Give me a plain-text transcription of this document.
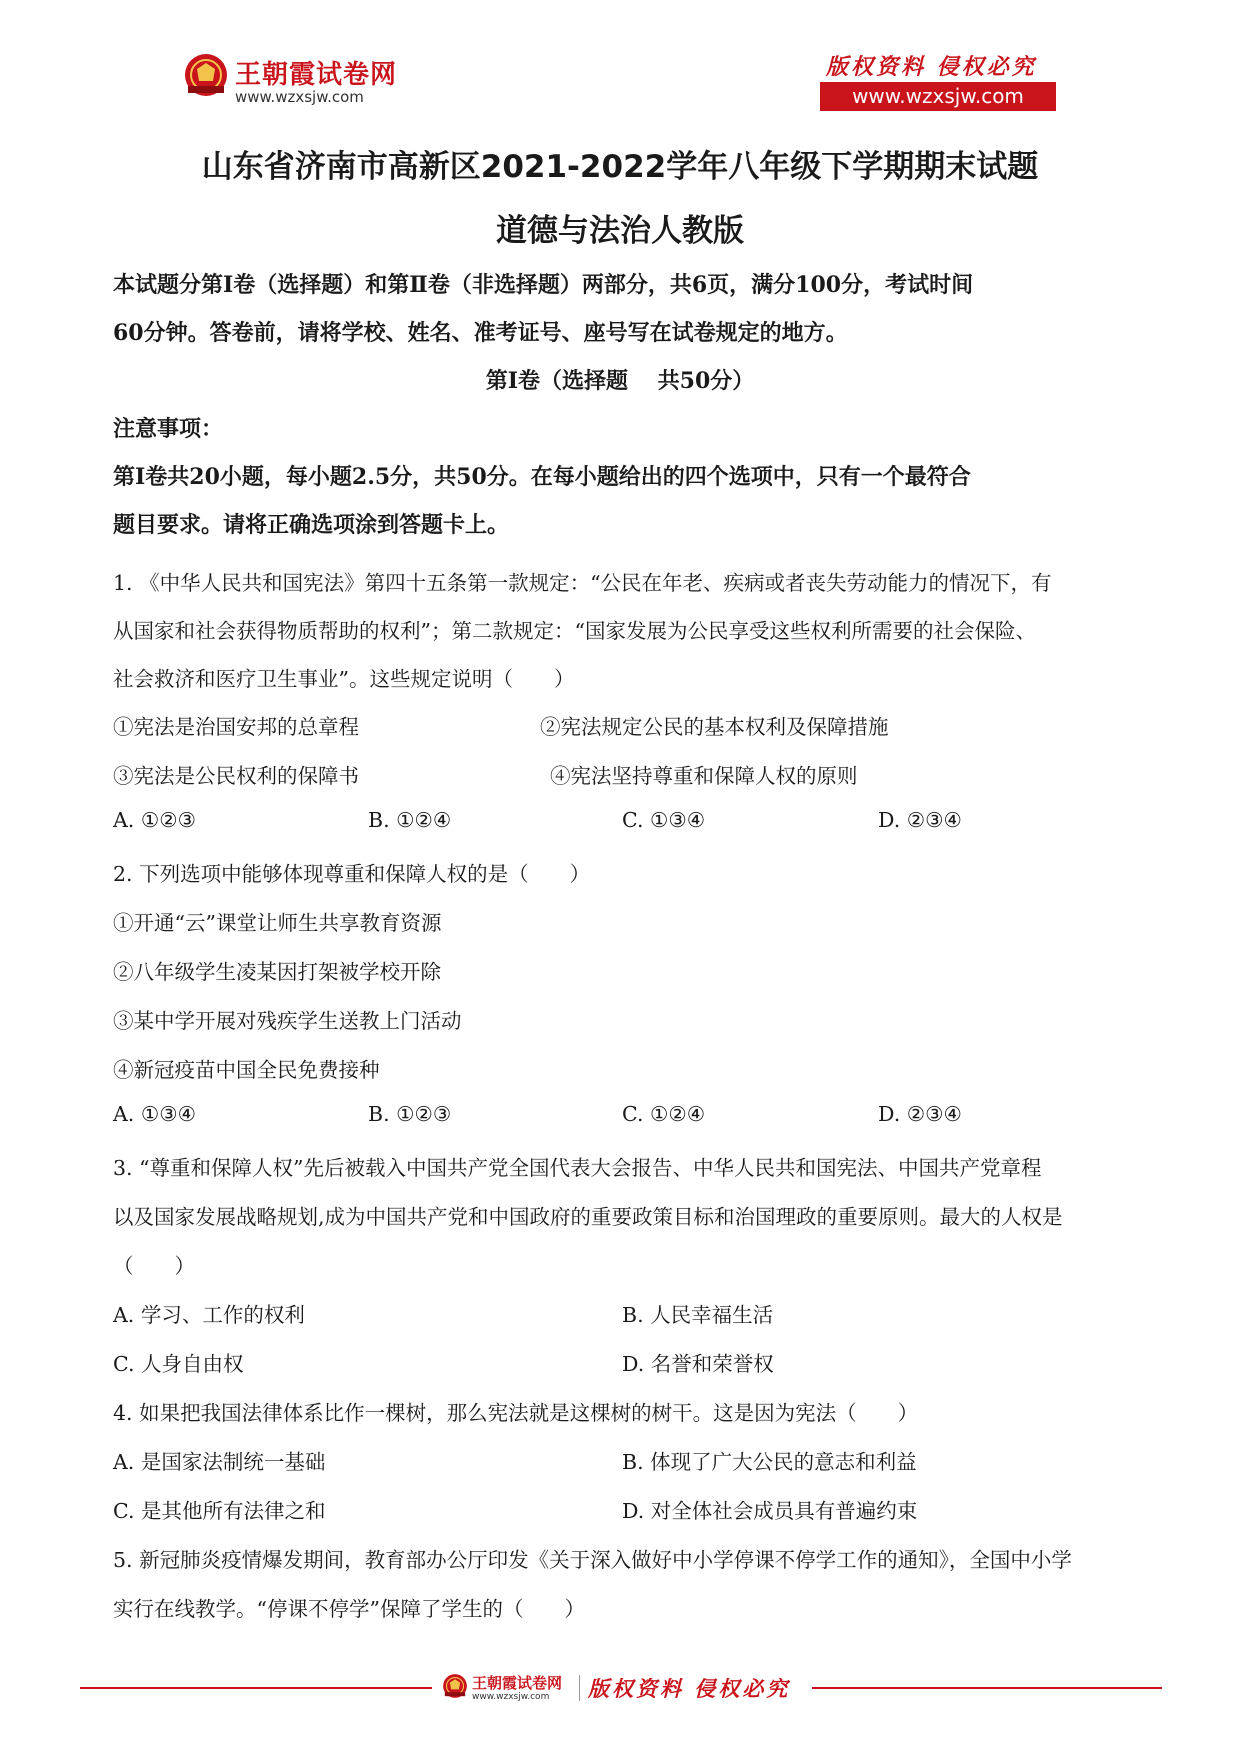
王朝霞试卷网
www.wzxsjw.com
版权资料 侵权必究
www.wzxsjw.com
山东省济南市高新区2021-2022学年八年级下学期期末试题
道德与法治人教版
本试题分第Ⅰ卷（选择题）和第Ⅱ卷（非选择题）两部分，共6页，满分100分，考试时间
60分钟。答卷前，请将学校、姓名、准考证号、座号写在试卷规定的地方。
第Ⅰ卷（选择题　 共50分）
注意事项：
第Ⅰ卷共20小题，每小题2.5分，共50分。在每小题给出的四个选项中，只有一个最符合
题目要求。请将正确选项涂到答题卡上。
1. 《中华人民共和国宪法》第四十五条第一款规定：“公民在年老、疾病或者丧失劳动能力的情况下，有
从国家和社会获得物质帮助的权利”；第二款规定：“国家发展为公民享受这些权利所需要的社会保险、
社会救济和医疗卫生事业”。这些规定说明（　　）
①宪法是治国安邦的总章程	②宪法规定公民的基本权利及保障措施
③宪法是公民权利的保障书	④宪法坚持尊重和保障人权的原则
A. ①②③	B. ①②④	C. ①③④	D. ②③④
2. 下列选项中能够体现尊重和保障人权的是（　　）
①开通“云”课堂让师生共享教育资源
②八年级学生凌某因打架被学校开除
③某中学开展对残疾学生送教上门活动
④新冠疫苗中国全民免费接种
A. ①③④	B. ①②③	C. ①②④	D. ②③④
3. “尊重和保障人权”先后被载入中国共产党全国代表大会报告、中华人民共和国宪法、中国共产党章程
以及国家发展战略规划,成为中国共产党和中国政府的重要政策目标和治国理政的重要原则。最大的人权是
（　　）
A. 学习、工作的权利	B. 人民幸福生活
C. 人身自由权	D. 名誉和荣誉权
4. 如果把我国法律体系比作一棵树，那么宪法就是这棵树的树干。这是因为宪法（　　）
A. 是国家法制统一基础	B. 体现了广大公民的意志和利益
C. 是其他所有法律之和	D. 对全体社会成员具有普遍约束
5. 新冠肺炎疫情爆发期间，教育部办公厅印发《关于深入做好中小学停课不停学工作的通知》，全国中小学
实行在线教学。“停课不停学”保障了学生的（　　）
王朝霞试卷网
www.wzxsjw.com 版权资料 侵权必究
